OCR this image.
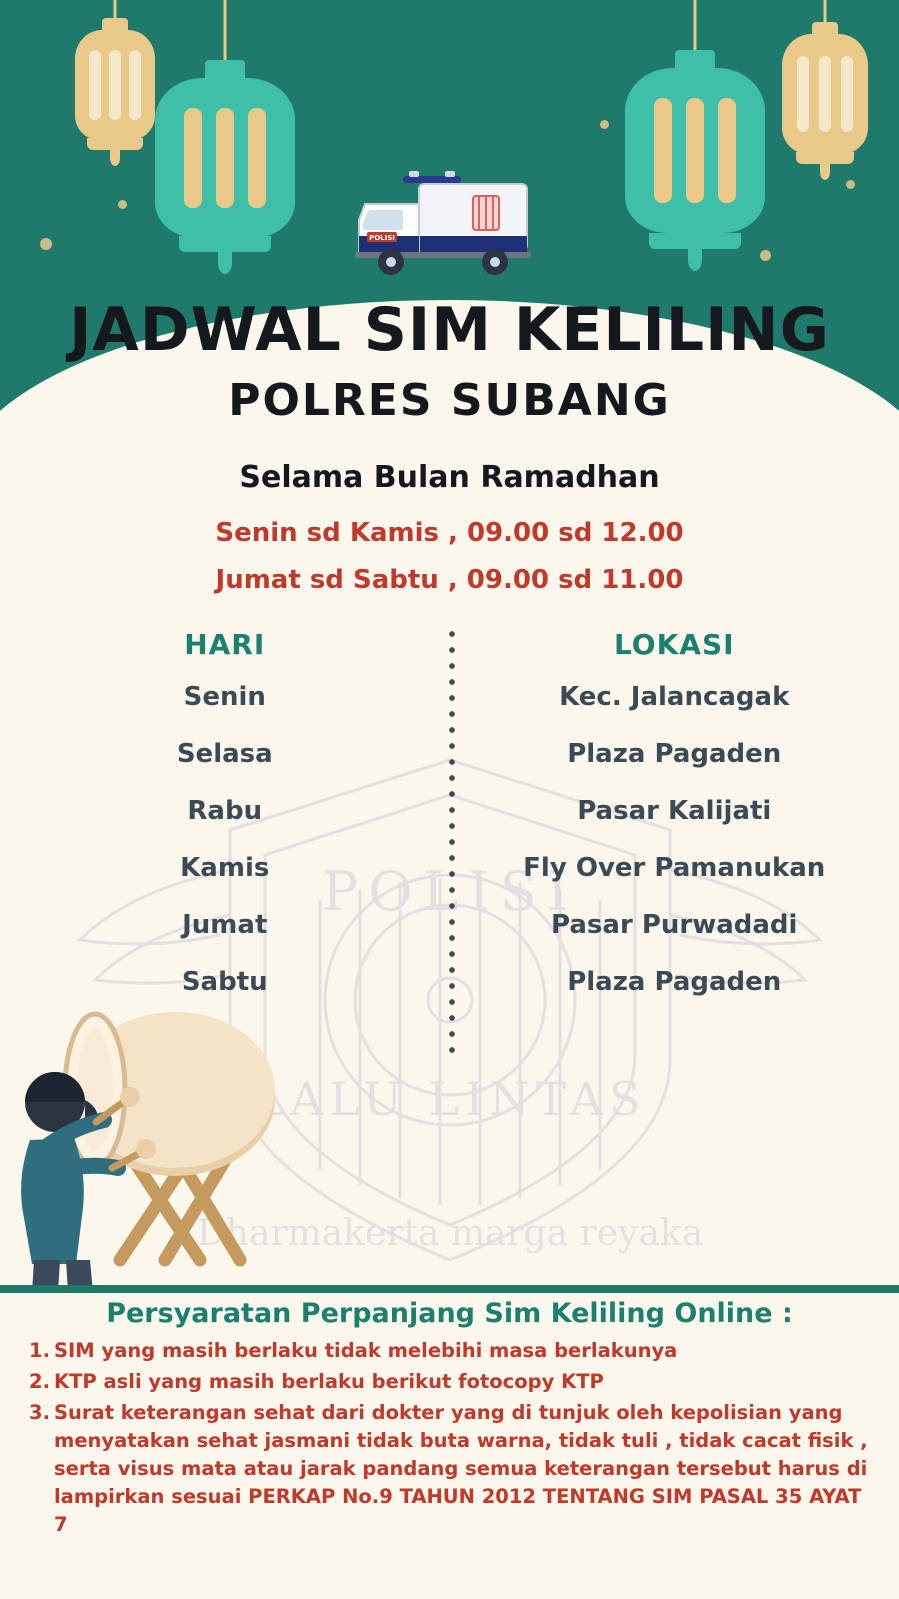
POLISI
JADWAL SIM KELILING
POLRES SUBANG
Selama Bulan Ramadhan
Senin sd Kamis , 09.00 sd 12.00
Jumat sd Sabtu , 09.00 sd 11.00
HARI	LOKASI
Senin	Kec. Jalancagak
Selasa	Plaza Pagaden
Rabu	Pasar Kalijati
Kamis	Fly Over Pamanukan
Jumat	Pasar Purwadadi
Sabtu	Plaza Pagaden
Persyaratan Perpanjang Sim Keliling Online :
1. SIM yang masih berlaku tidak melebihi masa berlakunya
2. KTP asli yang masih berlaku berikut fotocopy KTP
3. Surat keterangan sehat dari dokter yang di tunjuk oleh kepolisian yang menyatakan sehat jasmani tidak buta warna, tidak tuli , tidak cacat fisik , serta visus mata atau jarak pandang semua keterangan tersebut harus di lampirkan sesuai PERKAP No.9 TAHUN 2012 TENTANG SIM PASAL 35 AYAT 7
